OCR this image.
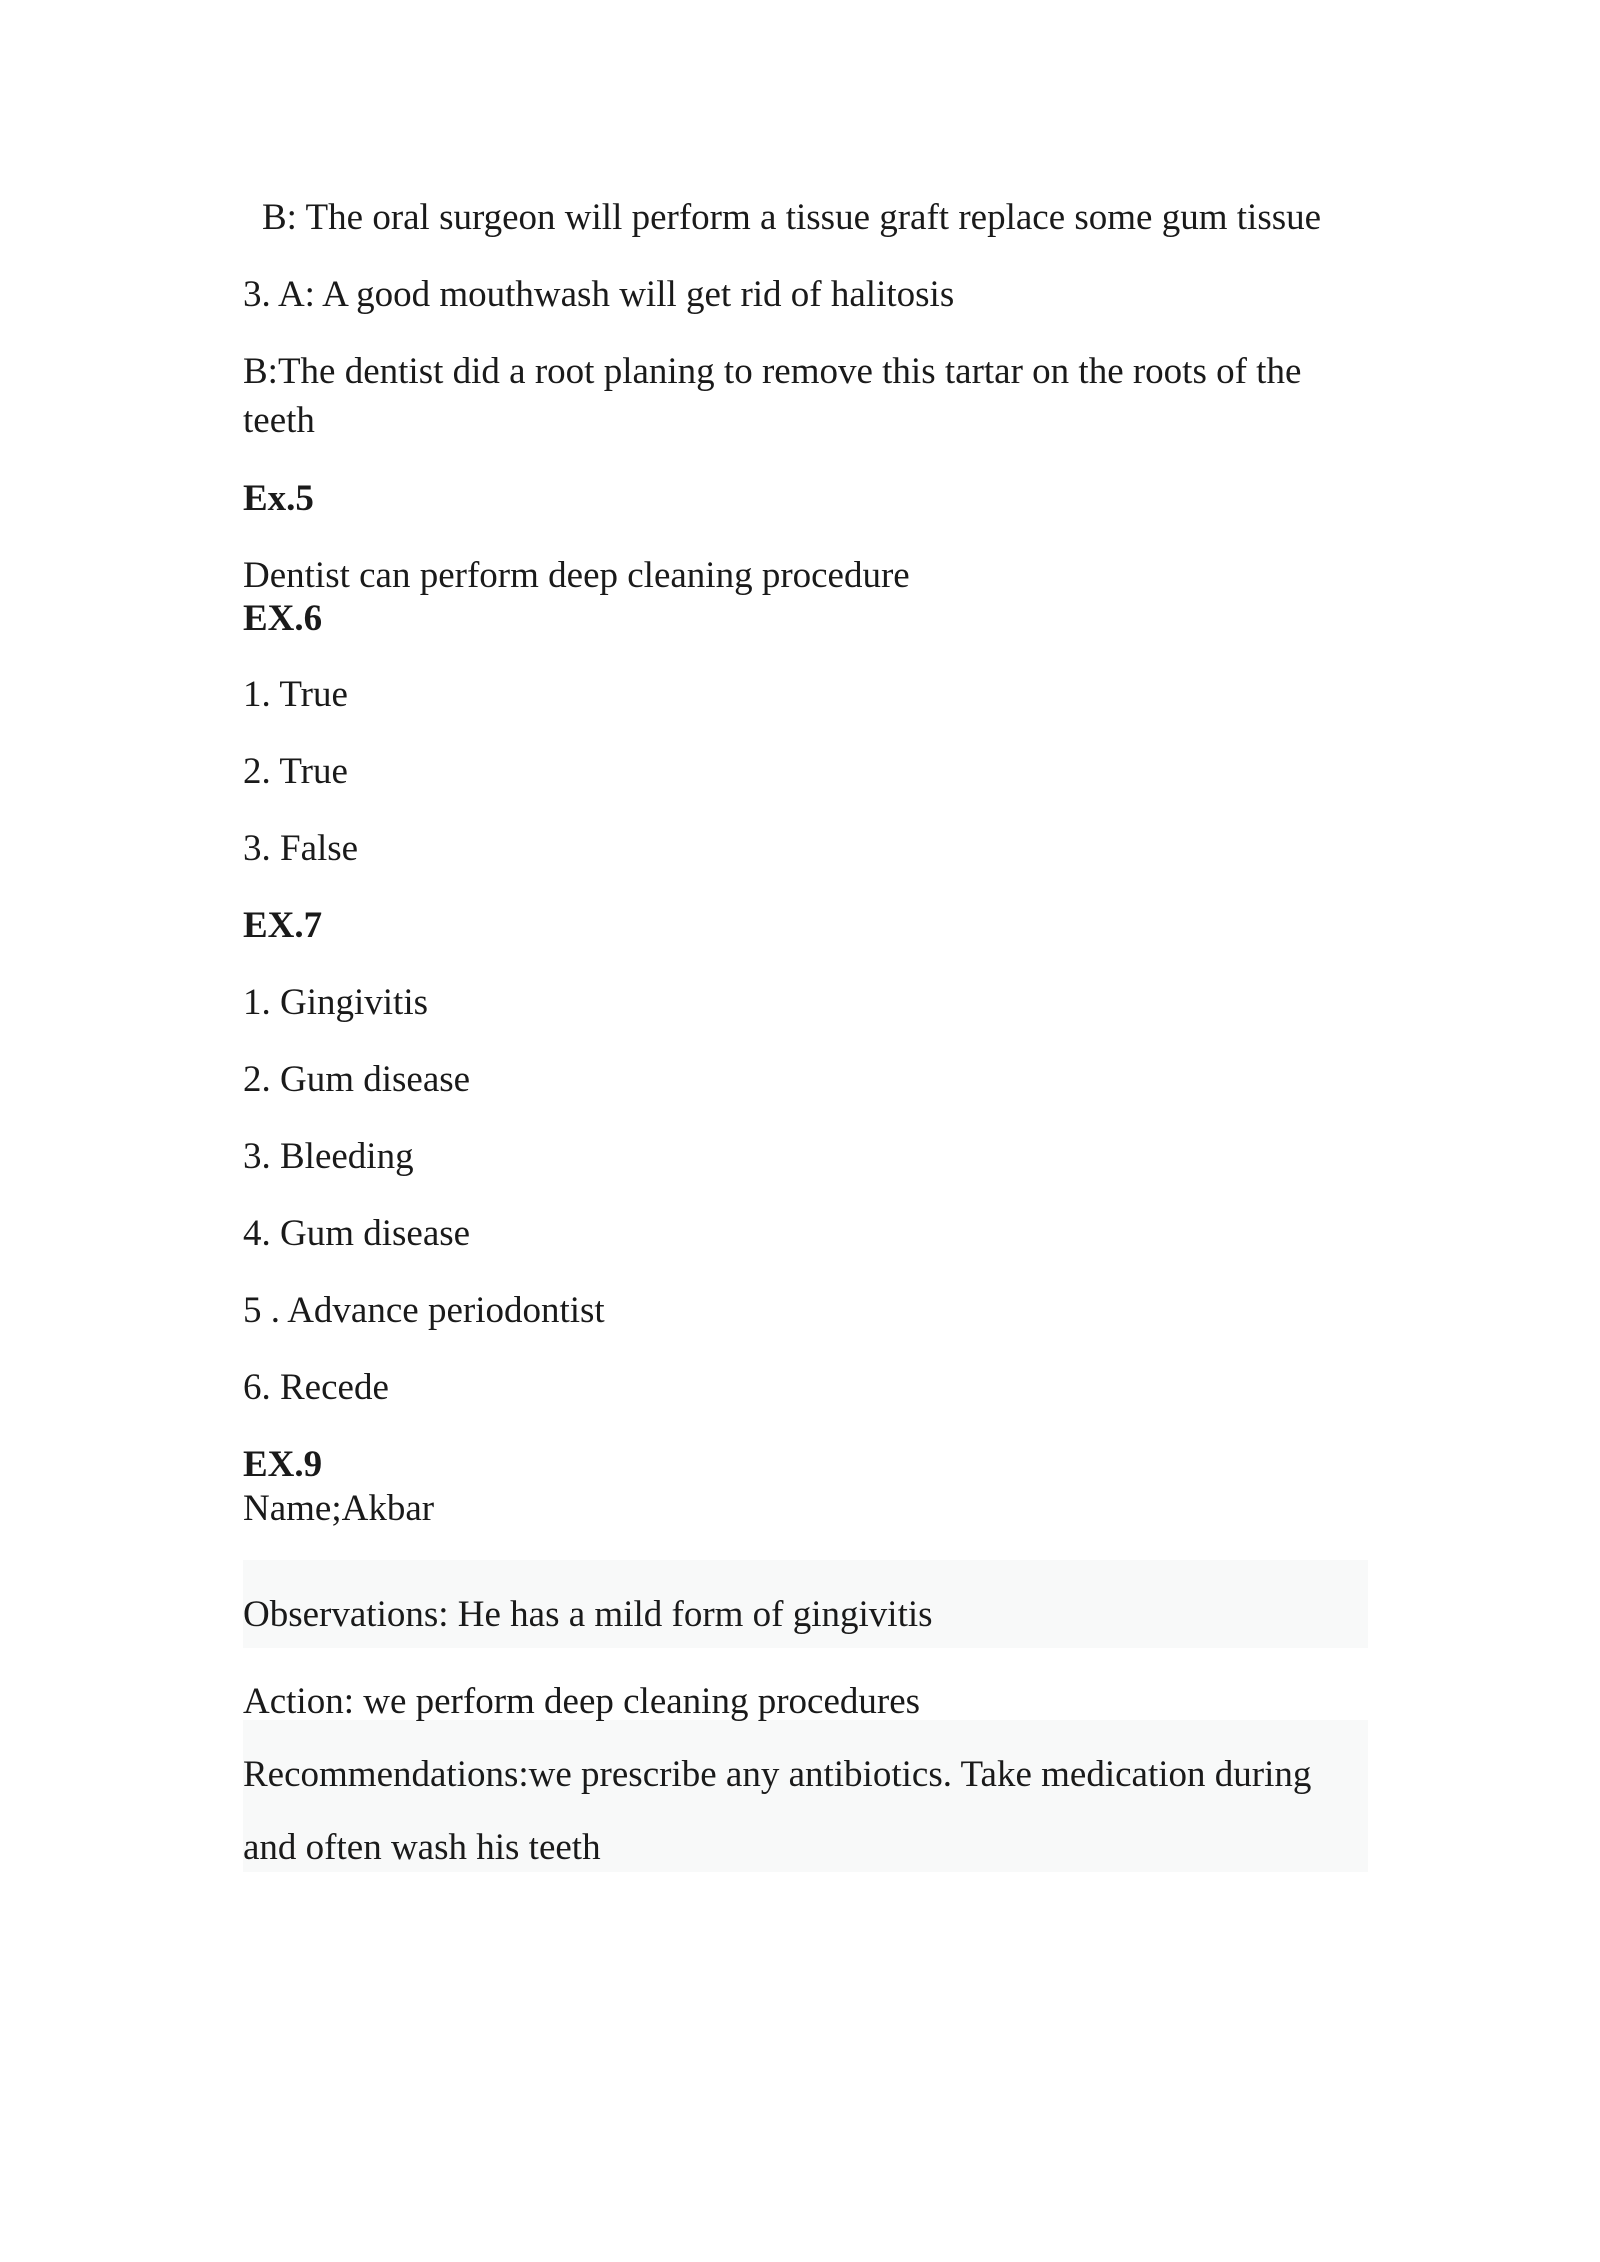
B: The oral surgeon will perform a tissue graft replace some gum tissue
3. A: A good mouthwash will get rid of halitosis
B:The dentist did a root planing to remove this tartar on the roots of the teeth
Ex.5
Dentist can perform deep cleaning procedure
EX.6
1. True
2. True
3. False
EX.7
1. Gingivitis
2. Gum disease
3. Bleeding
4. Gum disease
5 . Advance periodontist
6. Recede
EX.9
Name;Akbar
Observations: He has a mild form of gingivitis
Action: we perform deep cleaning procedures
Recommendations:we prescribe any antibiotics. Take medication during
and often wash his teeth
